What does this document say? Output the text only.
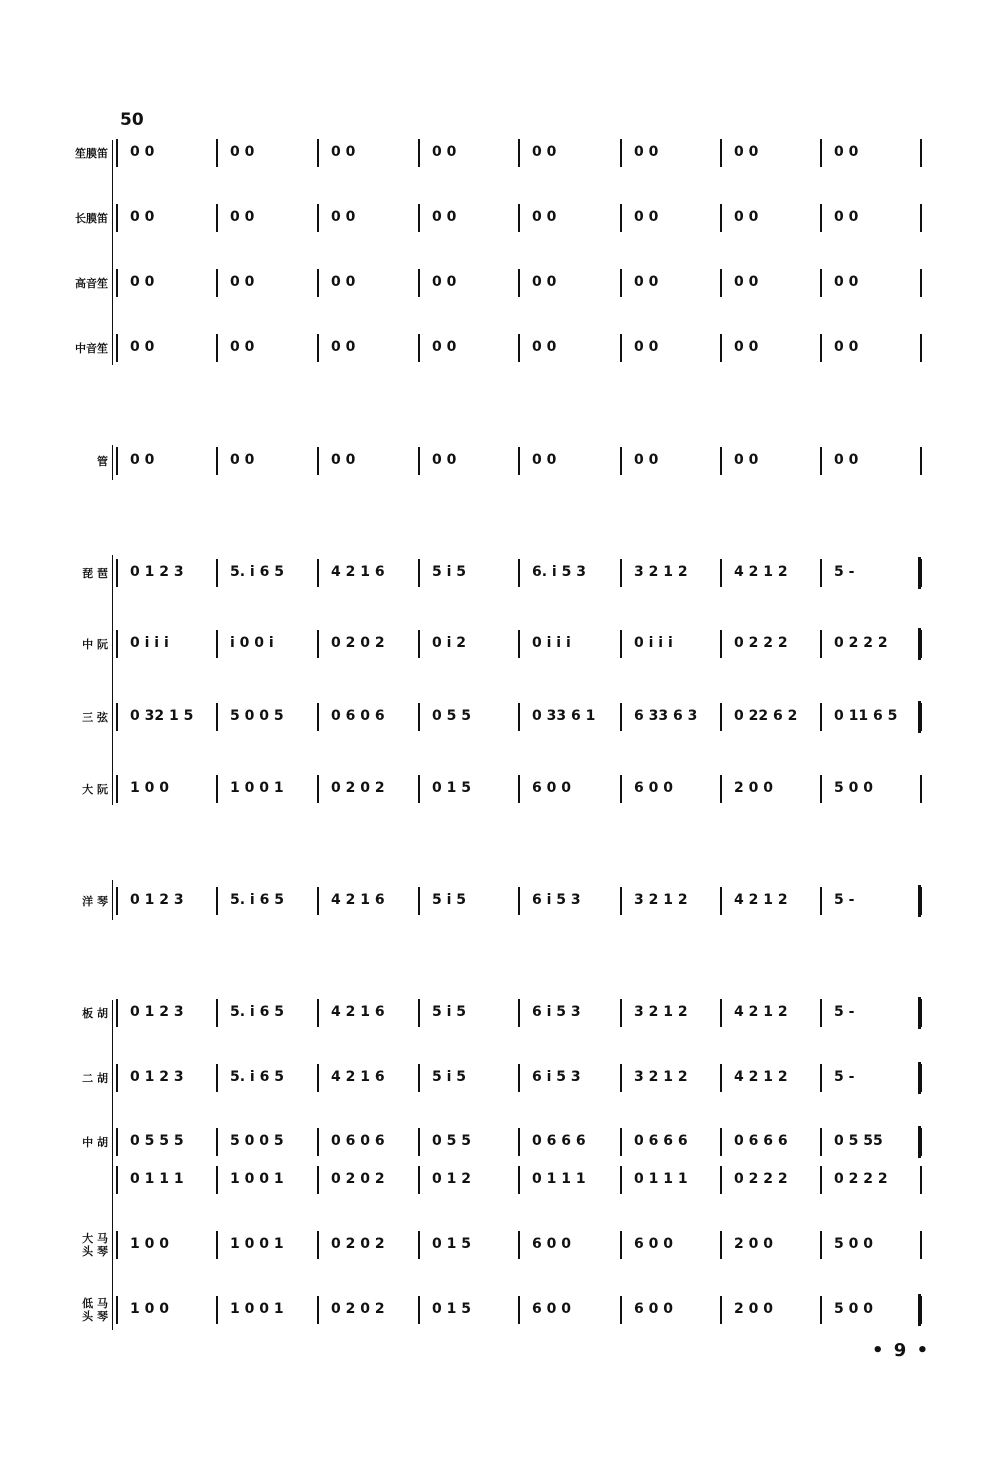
50
笙膜笛 0 0	0 0	0 0	0 0	0 0	0 0	0 0	0 0
长膜笛 0 0	0 0	0 0	0 0	0 0	0 0	0 0	0 0
高音笙 0 0	0 0	0 0	0 0	0 0	0 0	0 0	0 0
中音笙 0 0	0 0	0 0	0 0	0 0	0 0	0 0	0 0
管 0 0	0 0	0 0	0 0	0 0	0 0	0 0	0 0
琵 琶 0 1 2 3	5. i 6 5	4 2 1 6	5 i 5	6. i 5 3	3 2 1 2	4 2 1 2	5 -
中 阮 0 i i i	i 0 0 i	0 2 0 2	0 i 2	0 i i i	0 i i i	0 2 2 2	0 2 2 2
三 弦 0 32 1 5	5 0 0 5	0 6 0 6	0 5 5	0 33 6 1	6 33 6 3	0 22 6 2	0 11 6 5
大 阮 1 0 0	1 0 0 1	0 2 0 2	0 1 5	6 0 0	6 0 0	2 0 0	5 0 0
洋 琴 0 1 2 3	5. i 6 5	4 2 1 6	5 i 5	6 i 5 3	3 2 1 2	4 2 1 2	5 -
板 胡 0 1 2 3	5. i 6 5	4 2 1 6	5 i 5	6 i 5 3	3 2 1 2	4 2 1 2	5 -
二 胡 0 1 2 3	5. i 6 5	4 2 1 6	5 i 5	6 i 5 3	3 2 1 2	4 2 1 2	5 -
中 胡 0 5 5 5	5 0 0 5	0 6 0 6	0 5 5	0 6 6 6	0 6 6 6	0 6 6 6	0 5 55
0 1 1 1	1 0 0 1	0 2 0 2	0 1 2	0 1 1 1	0 1 1 1	0 2 2 2	0 2 2 2
大 马
头 琴 1 0 0	1 0 0 1	0 2 0 2	0 1 5	6 0 0	6 0 0	2 0 0	5 0 0
低 马
头 琴 1 0 0	1 0 0 1	0 2 0 2	0 1 5	6 0 0	6 0 0	2 0 0	5 0 0
• 9 •
